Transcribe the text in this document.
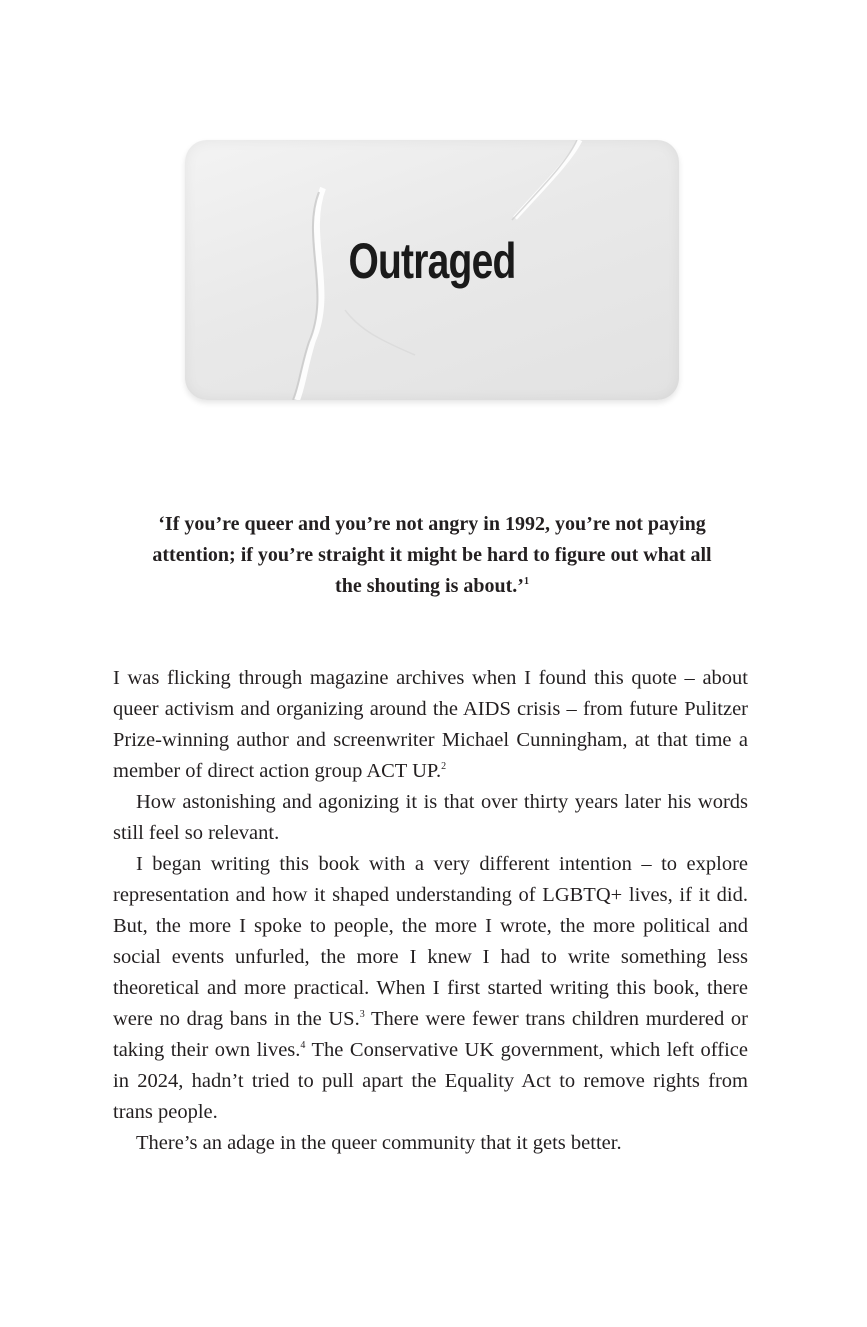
Outraged

‘If you’re queer and you’re not angry in 1992, you’re not paying attention; if you’re straight it might be hard to figure out what all the shouting is about.’$^1$

I was flicking through magazine archives when I found this quote – about queer activism and organizing around the AIDS crisis – from future Pulitzer Prize-winning author and screenwriter Michael Cunningham, at that time a member of direct action group ACT UP.$^2$

How astonishing and agonizing it is that over thirty years later his words still feel so relevant.

I began writing this book with a very different intention – to explore representation and how it shaped understanding of LGBTQ+ lives, if it did. But, the more I spoke to people, the more I wrote, the more political and social events unfurled, the more I knew I had to write something less theoretical and more practical. When I first started writing this book, there were no drag bans in the US.$^3$ There were fewer trans children murdered or taking their own lives.$^4$ The Conservative UK government, which left office in 2024, hadn’t tried to pull apart the Equality Act to remove rights from trans people.

There’s an adage in the queer community that it gets better.
